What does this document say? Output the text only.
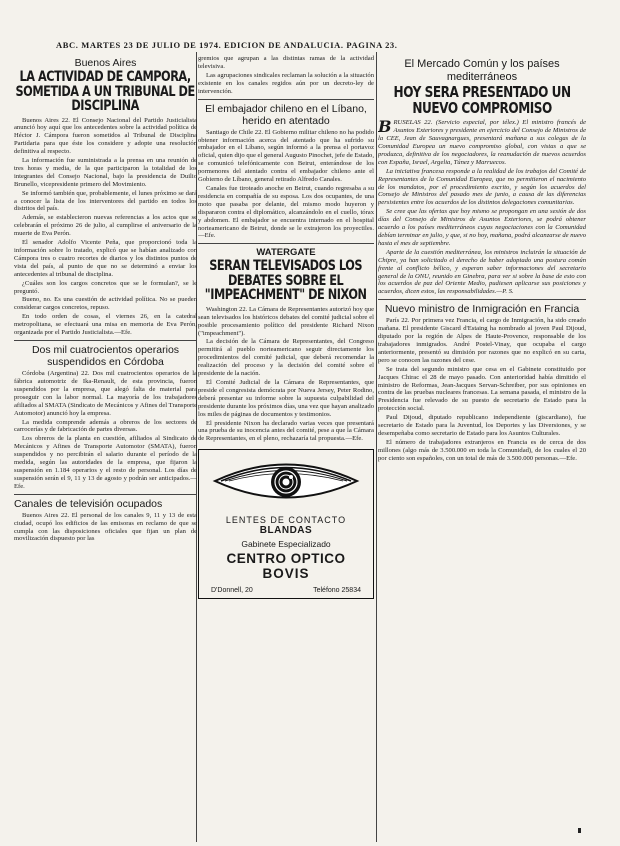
ABC. MARTES 23 DE JULIO DE 1974. EDICION DE ANDALUCIA. PAGINA 23.
Buenos Aires
LA ACTIVIDAD DE CAMPORA, SOMETIDA A UN TRIBUNAL DE DISCIPLINA

Buenos Aires 22. El Consejo Nacional del Partido Justicialista anunció hoy aquí que los antecedentes sobre la actividad política de Héctor J. Cámpora fueron sometidos al Tribunal de Disciplina Partidaria para que éste los considere y adopte una resolución definitiva al respecto.

La información fue suministrada a la prensa en una reunión de tres horas y media, de la que participaron la totalidad de los integrantes del Consejo Nacional, bajo la presidencia de Duilio Brunello, vicepresidente primero del Movimiento.

Se informó también que, probablemente, el lunes próximo se dará a conocer la lista de los interventores del partido en todos los distritos del país.

Además, se establecieron nuevas referencias a los actos que se celebrarán el próximo 26 de julio, al cumplirse el aniversario de la muerte de Eva Perón.

El senador Adolfo Vicente Peña, que proporcionó toda la información sobre lo tratado, explicó que se habían analizado con Cámpora tres o cuatro recortes de diarios y los distintos puntos de vista del país, al punto de que no se determinó a enviar los antecedentes al tribunal de disciplina.

¿Cuáles son los cargos concretos que se le formulan?, se le preguntó.

Bueno, no. Es una cuestión de actividad política. No se pueden considerar cargos concretos, repuso.

En todo orden de cosas, el viernes 26, en la catedral metropolitana, se efectuará una misa en memoria de Eva Perón, organizada por el Partido Justicialista.—Efe.

Dos mil cuatrocientos operarios suspendidos en Córdoba

Córdoba (Argentina) 22. Dos mil cuatrocientos operarios de la fábrica automotriz de Ika-Renault, de esta provincia, fueron suspendidos por la empresa, que alegó falta de material para proseguir con la labor normal. La mayoría de los trabajadores afiliados al SMATA (Sindicato de Mecánicos y Afines del Transporte Automotor) anunció hoy la empresa.

La medida comprende además a obreros de los sectores de carrocerías y de fabricación de partes diversas.

Los obreros de la planta en cuestión, afiliados al Sindicato de Mecánicos y Afines de Transporte Automotor (SMATA), fueron suspendidos y no percibirán el salario durante el período de la medida, según las autoridades de la empresa, que fijaron la suspensión en 1.184 operarios y el resto de personal. Los días de suspensión serán el 9, 11 y 13 de agosto y podrán ser anticipados.—Efe.

Canales de televisión ocupados

Buenos Aires 22. El personal de los canales 9, 11 y 13 de esta ciudad, ocupó los edificios de las emisoras en reclamo de que se cumpla con las disposiciones oficiales que fijan un plan de movilización dispuesto por las

gremios que agrupan a las distintas ramas de la actividad televisiva.

Las agrupaciones sindicales reclaman la solución a la situación existente en los canales regidos aún por un decreto-ley de intervención.

El embajador chileno en el Líbano, herido en atentado

Santiago de Chile 22. El Gobierno militar chileno no ha podido obtener información acerca del atentado que ha sufrido su embajador en el Líbano, según informó a la prensa el portavoz oficial, quien dijo que el general Augusto Pinochet, jefe de Estado, se comunicó telefónicamente con Beirut, enterándose de los pormenores del atentado contra el embajador chileno ante el Gobierno de Líbano, general retirado Alfredo Canales.

Canales fue tiroteado anoche en Beirut, cuando regresaba a su residencia en compañía de su esposa. Los dos ocupantes, de una moto que pasaba por delante, del mismo modo huyeron y dispararon contra el diplomático, alcanzándolo en el cuello, tórax y abdomen. El embajador se encuentra internado en el hospital norteamericano de Beirut, donde se le extrajeron los proyectiles.—Efe.

WATERGATE
SERAN TELEVISADOS LOS DEBATES SOBRE EL "IMPEACHMENT" DE NIXON

Washington 22. La Cámara de Representantes autorizó hoy que sean televisados los históricos debates del comité judicial sobre el posible procesamiento político del presidente Richard Nixon ("impeachment").

La decisión de la Cámara de Representantes, del Congreso permitirá al pueblo norteamericano seguir directamente los procedimientos del comité judicial, que deberá recomendar la realización del proceso y la decisión del comité sobre el presidente de la nación.

El Comité Judicial de la Cámara de Representantes, que preside el congresista demócrata por Nueva Jersey, Peter Rodino, deberá presentar su informe sobre la supuesta culpabilidad del presidente durante los próximos días, una vez que hayan analizado los miles de páginas de documentos y testimonios.

El presidente Nixon ha declarado varias veces que presentará una prueba de su inocencia antes del comité, pese a que la Cámara de Representantes, en el pleno, rechazaría tal propuesta.—Efe.

LENTES DE CONTACTO
BLANDAS
Gabinete Especializado
CENTRO OPTICO
BOVIS
D'Donnell, 20	Teléfono 25834
El Mercado Común y los países mediterráneos
HOY SERA PRESENTADO UN NUEVO COMPROMISO

BRUSELAS 22. (Servicio especial, por télex.) El ministro francés de Asuntos Exteriores y presidente en ejercicio del Consejo de Ministros de la CEE, Jean de Sauvagnargues, presentará mañana a sus colegas de la Comunidad Europea un nuevo compromiso global, con vistas a que se produzca, definitiva de los negociadores, la reanudación de nuevos acuerdos con España, Israel, Argelia, Túnez y Marruecos.

La iniciativa francesa responde a la realidad de los trabajos del Comité de Representantes de la Comunidad Europea, que no permitieron el nacimiento de los mandatos, por el procedimiento escrito, y según los acuerdos del Consejo de Ministros del pasado mes de junio, a causa de las diferencias persistentes entre los acuerdos de los distintos delegaciones comunitarias.

Se cree que las ofertas que hoy mismo se propongan en una sesión de dos días del Consejo de Ministros de Asuntos Exteriores, se podrá obtener acuerdo a los países mediterráneos cuyas negociaciones con la Comunidad debían terminar en julio, y que, si no hoy, mañana, podrá alcanzarse de nuevo hasta el mes de septiembre.

Aparte de la cuestión mediterránea, los ministros incluirán la situación de Chipre, ya han solicitado el derecho de haber adoptado una postura común frente al conflicto bélico, y esperan saber informaciones del secretario general de la ONU, reunido en Ginebra, para ver si sobre la base de esto con los acuerdos de paz del Oriente Medio, pudiesen aplicarse sus posiciones y acuerdos, dicen estos, las responsabilidades.—P. S.

Nuevo ministro de Inmigración en Francia

París 22. Por primera vez Francia, el cargo de Inmigración, ha sido creado mañana. El presidente Giscard d'Estaing ha nombrado al joven Paul Dijoud, diputado por la región de Alpes de Haute-Provence, responsable de los trabajadores inmigrados. André Postel-Vinay, que ocupaba el cargo anteriormente, presentó su dimisión por razones que no explicó en su carta, pero se conocen las razones del cese.

Se trata del segundo ministro que cesa en el Gabinete constituido por Jacques Chirac el 28 de mayo pasado. Con anterioridad había dimitido el ministro de Reformas, Jean-Jacques Servan-Schreiber, por sus opiniones en contra de las pruebas nucleares francesas. La semana pasada, el ministro de la Presidencia fue relevado de su puesto de secretario de Estado para la protección social.

Paul Dijoud, diputado republicano independiente (giscardiano), fue secretario de Estado para la Juventud, los Deportes y las Diversiones, y se desempeñaba como secretario de Estado para los Asuntos Culturales.

El número de trabajadores extranjeros en Francia es de cerca de dos millones (algo más de 3.500.000 en toda la Comunidad), de los cuales el 20 por ciento son españoles, con un total de más de 3.500.000 personas.—Efe.
